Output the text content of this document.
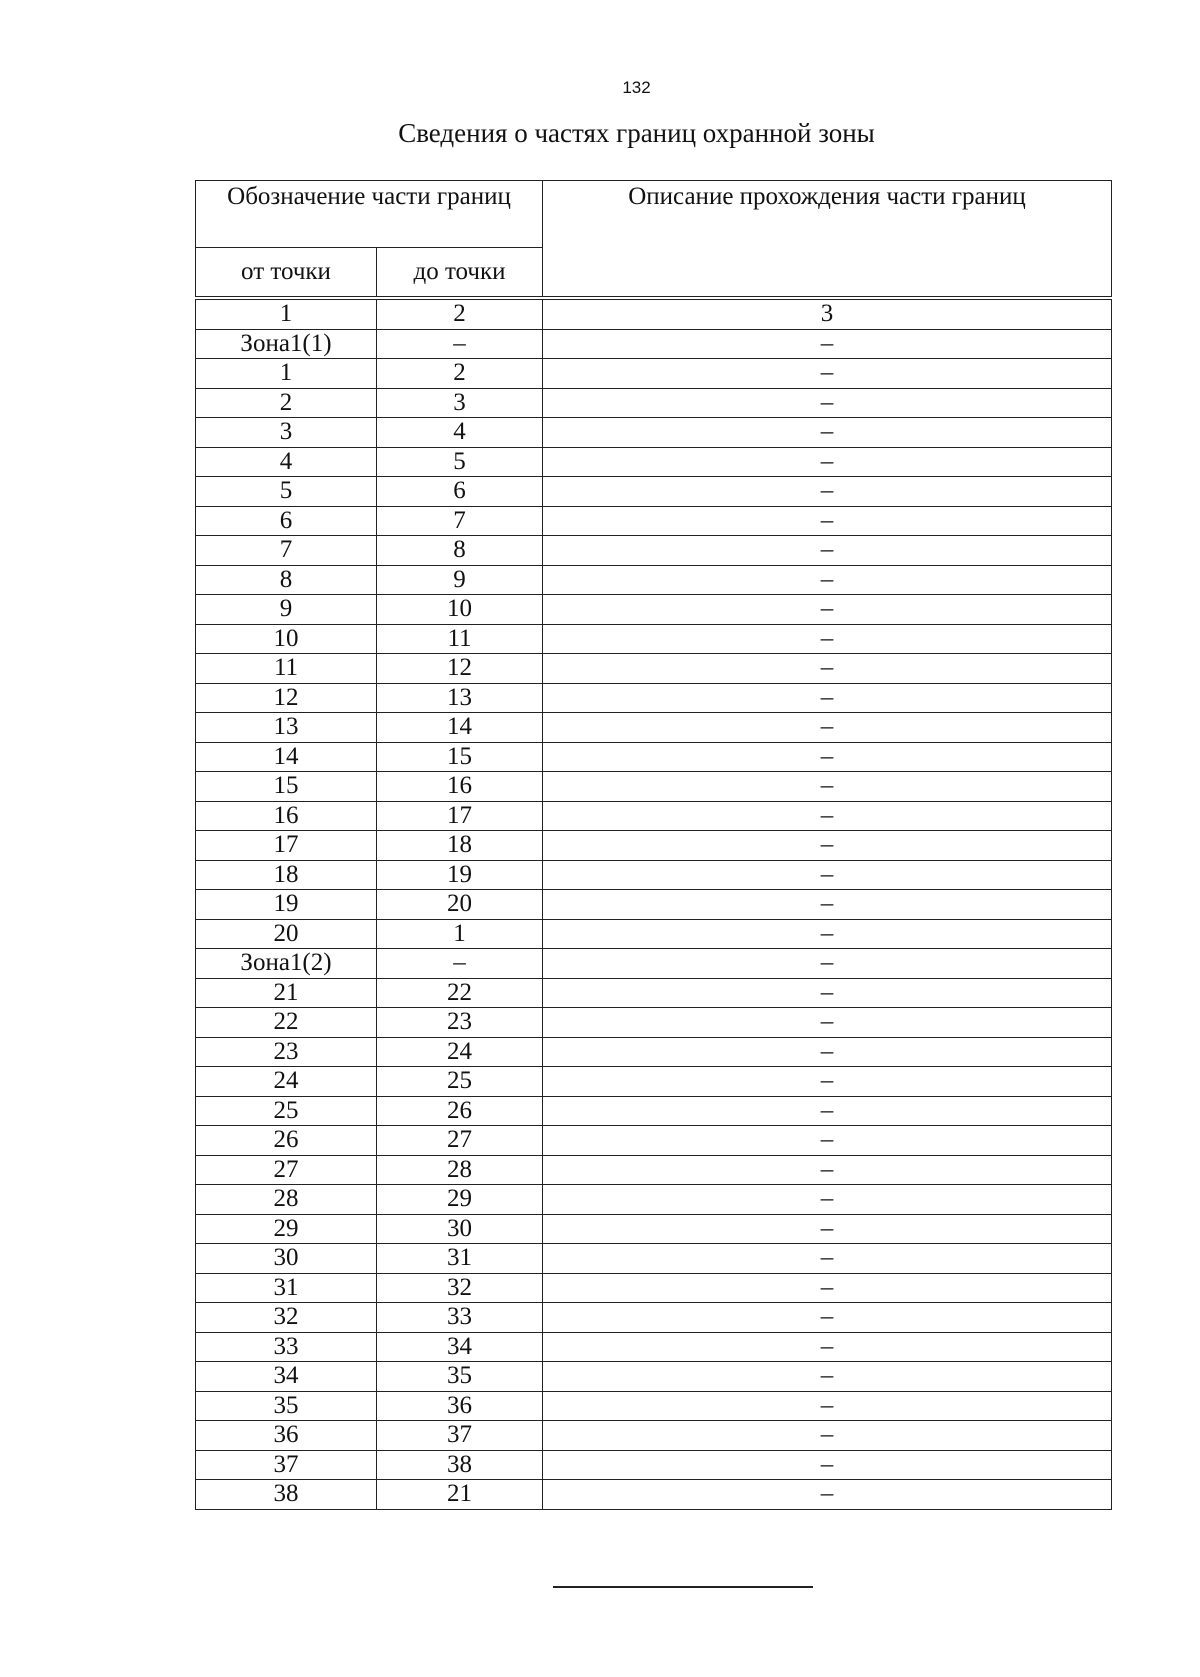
132
Сведения о частях границ охранной зоны
Обозначение части границ		Описание прохождения части границ
от точки	до точки	
1	2	3
Зона1(1)	–	–
1	2	–
2	3	–
3	4	–
4	5	–
5	6	–
6	7	–
7	8	–
8	9	–
9	10	–
10	11	–
11	12	–
12	13	–
13	14	–
14	15	–
15	16	–
16	17	–
17	18	–
18	19	–
19	20	–
20	1	–
Зона1(2)	–	–
21	22	–
22	23	–
23	24	–
24	25	–
25	26	–
26	27	–
27	28	–
28	29	–
29	30	–
30	31	–
31	32	–
32	33	–
33	34	–
34	35	–
35	36	–
36	37	–
37	38	–
38	21	–
